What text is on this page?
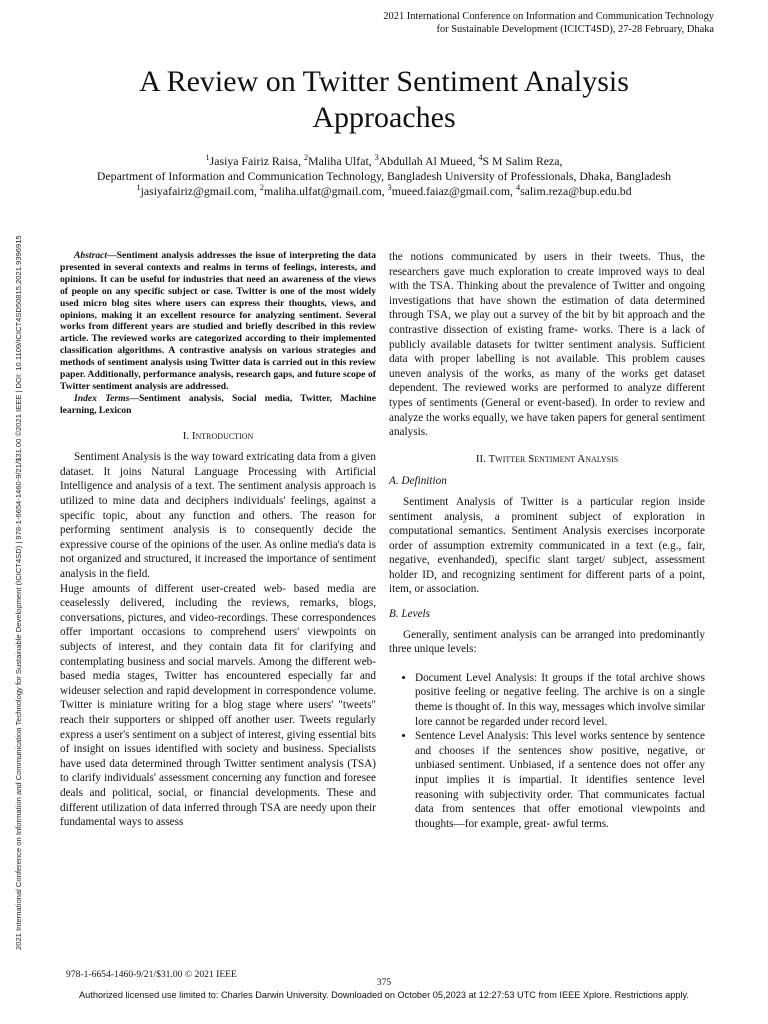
2021 International Conference on Information and Communication Technology
for Sustainable Development (ICICT4SD), 27-28 February, Dhaka
2021 International Conference on Information and Communication Technology for Sustainable Development (ICICT4SD) | 978-1-6654-1460-9/21/$31.00 ©2021 IEEE | DOI: 10.1109/ICICT4SD50815.2021.9396915
A Review on Twitter Sentiment Analysis Approaches
$^1$Jasiya Fairiz Raisa, $^2$Maliha Ulfat, $^3$Abdullah Al Mueed, $^4$S M Salim Reza,
Department of Information and Communication Technology, Bangladesh University of Professionals, Dhaka, Bangladesh
$^1$jasiyafairiz@gmail.com, $^2$maliha.ulfat@gmail.com, $^3$mueed.faiaz@gmail.com, $^4$salim.reza@bup.edu.bd

Abstract—Sentiment analysis addresses the issue of interpreting the data presented in several contexts and realms in terms of feelings, interests, and opinions. It can be useful for industries that need an awareness of the views of people on any specific subject or case. Twitter is one of the most widely used micro blog sites where users can express their thoughts, views, and opinions, making it an excellent resource for analyzing sentiment. Several works from different years are studied and briefly described in this review article. The reviewed works are categorized according to their implemented classification algorithms. A contrastive analysis on various strategies and methods of sentiment analysis using Twitter data is carried out in this review paper. Additionally, performance analysis, research gaps, and future scope of Twitter sentiment analysis are addressed.

Index Terms—Sentiment analysis, Social media, Twitter, Machine learning, Lexicon

I. Introduction

Sentiment Analysis is the way toward extricating data from a given dataset. It joins Natural Language Processing with Artificial Intelligence and analysis of a text. The sentiment analysis approach is utilized to mine data and deciphers individuals' feelings, against a specific topic, about any function and others. The reason for performing sentiment analysis is to consequently decide the expressive course of the opinions of the user. As online media's data is not organized and structured, it increased the importance of sentiment analysis in the field.

Huge amounts of different user-created web- based media are ceaselessly delivered, including the reviews, remarks, blogs, conversations, pictures, and video-recordings. These correspondences offer important occasions to comprehend users' viewpoints on subjects of interest, and they contain data fit for clarifying and contemplating business and social marvels. Among the different web-based media stages, Twitter has encountered especially far and wideuser selection and rapid development in correspondence volume. Twitter is miniature writing for a blog stage where users' "tweets" reach their supporters or shipped off another user. Tweets regularly express a user's sentiment on a subject of interest, giving essential bits of insight on issues identified with society and business. Specialists have used data determined through Twitter sentiment analysis (TSA) to clarify individuals' assessment concerning any function and foresee deals and political, social, or financial developments. These and different utilization of data inferred through TSA are needy upon their fundamental ways to assess

the notions communicated by users in their tweets. Thus, the researchers gave much exploration to create improved ways to deal with the TSA. Thinking about the prevalence of Twitter and ongoing investigations that have shown the estimation of data determined through TSA, we play out a survey of the bit by bit approach and the contrastive dissection of existing frame- works. There is a lack of publicly available datasets for twitter sentiment analysis. Sufficient data with proper labelling is not available. This problem causes uneven analysis of the works, as many of the works get dataset dependent. The reviewed works are performed to analyze different types of sentiments (General or event-based). In order to review and analyze the works equally, we have taken papers for general sentiment analysis.

II. Twitter Sentiment Analysis
A. Definition

Sentiment Analysis of Twitter is a particular region inside sentiment analysis, a prominent subject of exploration in computational semantics. Sentiment Analysis exercises incorporate order of assumption extremity communicated in a text (e.g., fair, negative, evenhanded), specific slant target/ subject, assessment holder ID, and recognizing sentiment for different parts of a point, item, or association.

B. Levels

Generally, sentiment analysis can be arranged into predominantly three unique levels:

• Document Level Analysis: It groups if the total archive shows positive feeling or negative feeling. The archive is on a single theme is thought of. In this way, messages which involve similar lore cannot be regarded under record level.
• Sentence Level Analysis: This level works sentence by sentence and chooses if the sentences show positive, negative, or unbiased sentiment. Unbiased, if a sentence does not offer any input implies it is impartial. It identifies sentence level reasoning with subjectivity order. That communicates factual data from sentences that offer emotional viewpoints and thoughts—for example, great- awful terms.
978-1-6654-1460-9/21/$31.00 © 2021 IEEE
375
Authorized licensed use limited to: Charles Darwin University. Downloaded on October 05,2023 at 12:27:53 UTC from IEEE Xplore. Restrictions apply.
